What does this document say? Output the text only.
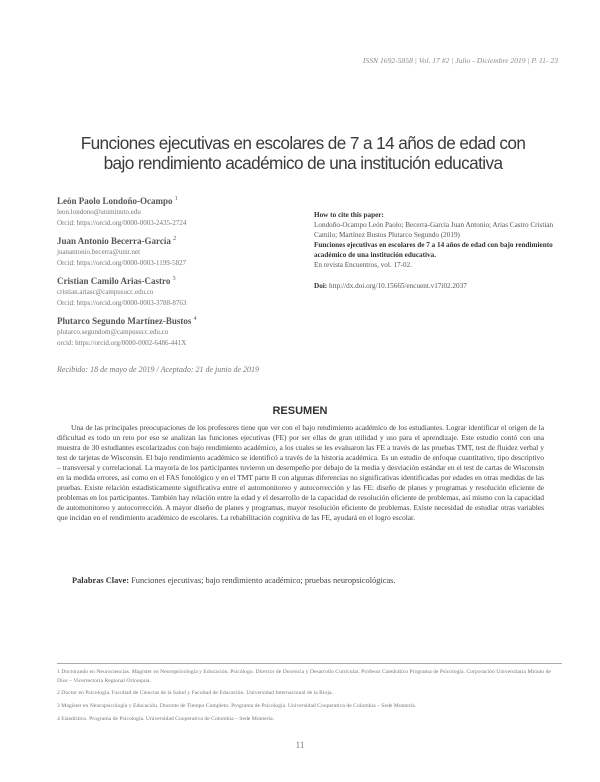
ISSN 1692-5858 | Vol. 17 #2 | Julio - Diciembre 2019 | P. 11- 23
Funciones ejecutivas en escolares de 7 a 14 años de edad con
bajo rendimiento académico de una institución educativa
León Paolo Londoño-Ocampo $^1$
leon.londono@uniminuto.edu
Orcid: https://orcid.org/0000-0003-2435-2724
Juan Antonio Becerra-García $^2$
juanantonio.becerra@unir.net
Orcid: https://orcid.org/0000-0003-1199-5827
Cristian Camilo Arias-Castro $^3$
cristian.ariasc@campusucc.edu.co
Orcid: https://orcid.org/0000-0003-3788-8763
Plutarco Segundo Martínez-Bustos $^4$
plutarco.segundom@campusucc.edu.co
orcid: https://orcid.org/0000-0002-6486-441X
How to cite this paper:
Londoño-Ocampo León Paolo; Becerra-García Juan Antonio; Arias Castro Cristian Camilo; Martínez Bustos Plutarco Segundo (2019)
Funciones ejecutivas en escolares de 7 a 14 años de edad con bajo rendimiento académico de una institución educativa.
En revista Encuentros, vol. 17-02.
Doi: http://dx.doi.org/10.15665/encuent.v17i02.2037
Recibido: 18 de mayo de 2019 / Aceptado: 21 de junio de 2019
RESUMEN
Una de las principales preocupaciones de los profesores tiene que ver con el bajo rendimiento académico de los estudiantes. Lograr identificar el origen de la dificultad es todo un reto por eso se analizan las funciones ejecutivas (FE) por ser ellas de gran utilidad y uso para el aprendizaje. Este estudio contó con una muestra de 30 estudiantes escolarizados con bajo rendimiento académico, a los cuales se les evaluaron las FE a través de las pruebas TMT, test de fluidez verbal y test de tarjetas de Wisconsin. El bajo rendimiento académico se identificó a través de la historia académica. Es un estudio de enfoque cuantitativo, tipo descriptivo – transversal y correlacional. La mayoría de los participantes tuvieron un desempeño por debajo de la media y desviación estándar en el test de cartas de Wisconsin en la medida errores, así como en el FAS fonológico y en el TMT parte B con algunas diferencias no significativas identificadas por edades en otras medidas de las pruebas. Existe relación estadísticamente significativa entre el automonitoreo y autocorrección y las FE: diseño de planes y programas y resolución eficiente de problemas en los participantes. También hay relación entre la edad y el desarrollo de la capacidad de resolución eficiente de problemas, así mismo con la capacidad de automonitoreo y autocorrección. A mayor diseño de planes y programas, mayor resolución eficiente de problemas. Existe necesidad de estudiar otras variables que incidan en el rendimiento académico de escolares. La rehabilitación cognitiva de las FE, ayudará en el logro escolar.
Palabras Clave: Funciones ejecutivas; bajo rendimiento académico; pruebas neuropsicológicas.
1 Doctorando en Neurociencias. Magíster en Neuropsicología y Educación. Psicólogo. Director de Docencia y Desarrollo Curricular. Profesor Catedrático Programa de Psicología. Corporación Universitaria Minuto de Dios – Vicerrectoría Regional Orinoquia.
2 Doctor en Psicología. Facultad de Ciencias de la Salud y Facultad de Educación. Universidad Internacional de la Rioja.
3 Magíster en Neuropsicología y Educación. Docente de Tiempo Completo. Programa de Psicología. Universidad Cooperativa de Colombia – Sede Montería.
4 Estadístico. Programa de Psicología. Universidad Cooperativa de Colombia – Sede Montería.
11
